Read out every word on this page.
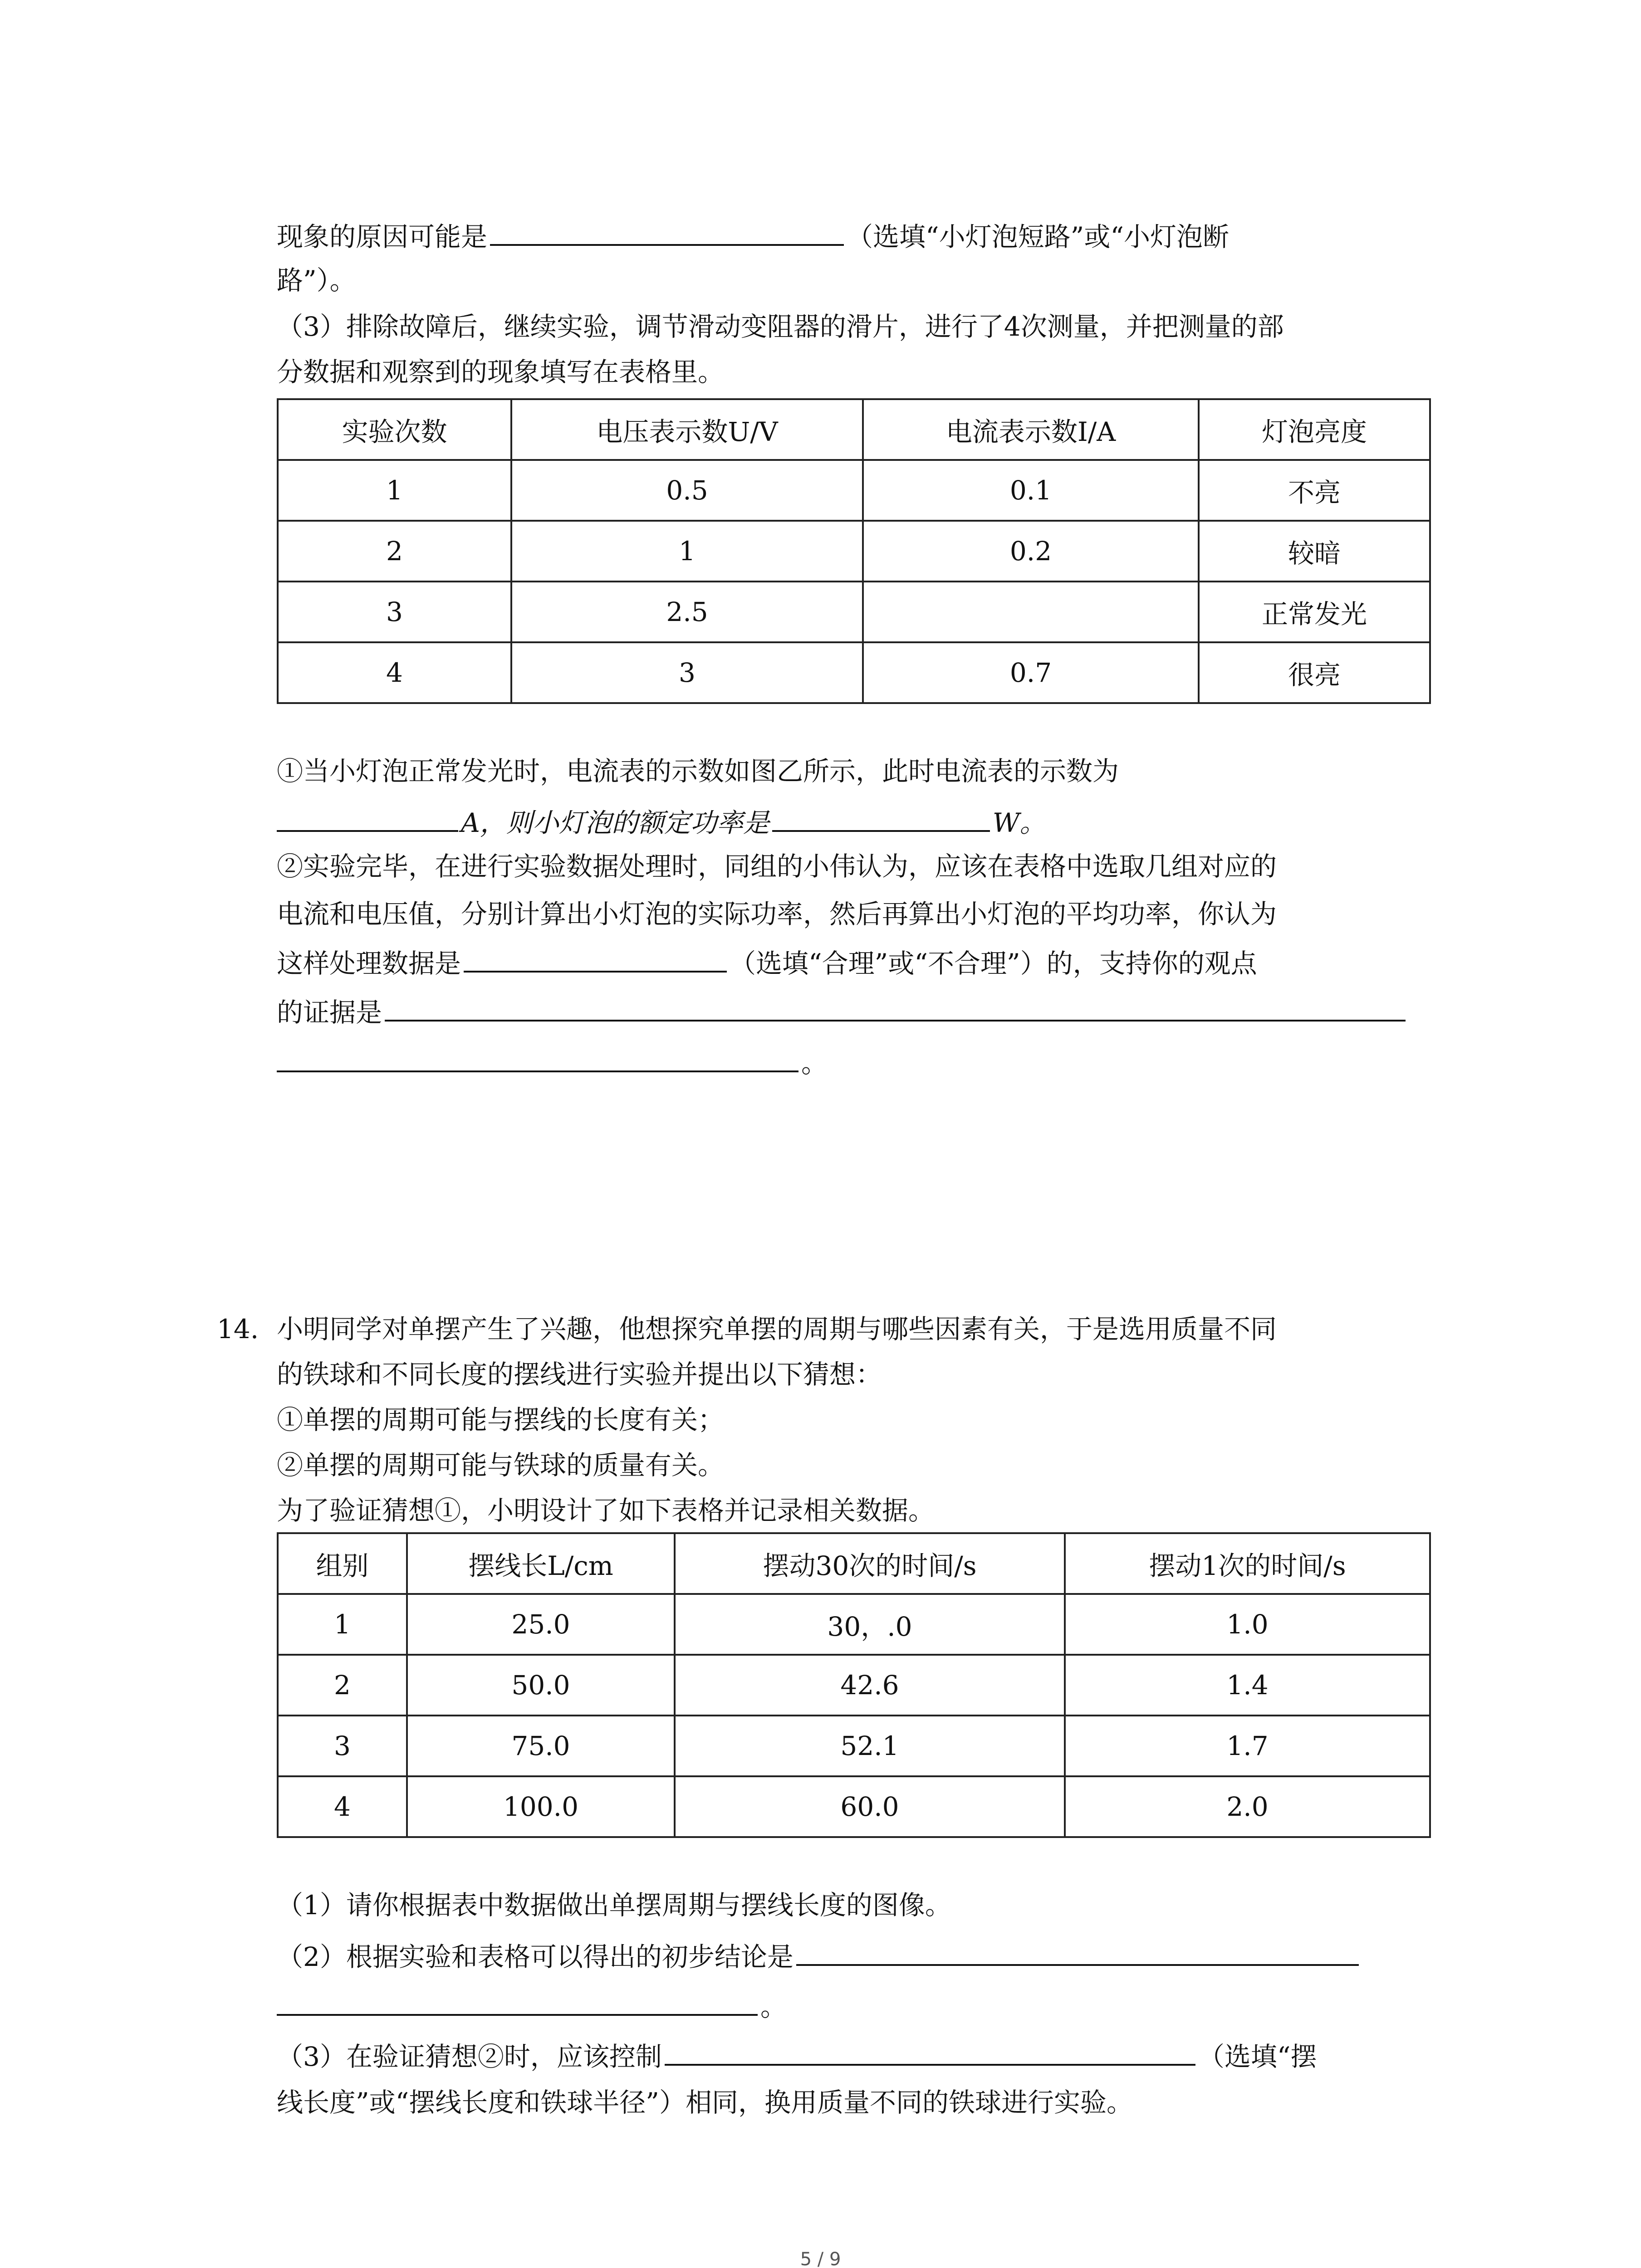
现象的原因可能是	（选填“小灯泡短路”或“小灯泡断
路”）。
（3）排除故障后，继续实验，调节滑动变阻器的滑片，进行了4次测量，并把测量的部
分数据和观察到的现象填写在表格里。
实验次数	电压表示数U/V	电流表示数I/A	灯泡亮度
1	0.5	0.1	不亮
2	1	0.2	较暗
3	2.5		正常发光
4	3	0.7	很亮
①当小灯泡正常发光时，电流表的示数如图乙所示，此时电流表的示数为
A，则小灯泡的额定功率是	W。
②实验完毕，在进行实验数据处理时，同组的小伟认为，应该在表格中选取几组对应的
电流和电压值，分别计算出小灯泡的实际功率，然后再算出小灯泡的平均功率，你认为
这样处理数据是	（选填“合理”或“不合理”）的，支持你的观点
的证据是
。
14. 小明同学对单摆产生了兴趣，他想探究单摆的周期与哪些因素有关，于是选用质量不同
的铁球和不同长度的摆线进行实验并提出以下猜想：
①单摆的周期可能与摆线的长度有关；
②单摆的周期可能与铁球的质量有关。
为了验证猜想①，小明设计了如下表格并记录相关数据。
组别	摆线长L/cm	摆动30次的时间/s	摆动1次的时间/s
1	25.0	30，.0	1.0
2	50.0	42.6	1.4
3	75.0	52.1	1.7
4	100.0	60.0	2.0
（1）请你根据表中数据做出单摆周期与摆线长度的图像。
（2）根据实验和表格可以得出的初步结论是
。
（3）在验证猜想②时，应该控制	（选填“摆
线长度”或“摆线长度和铁球半径”）相同，换用质量不同的铁球进行实验。
5 / 9
